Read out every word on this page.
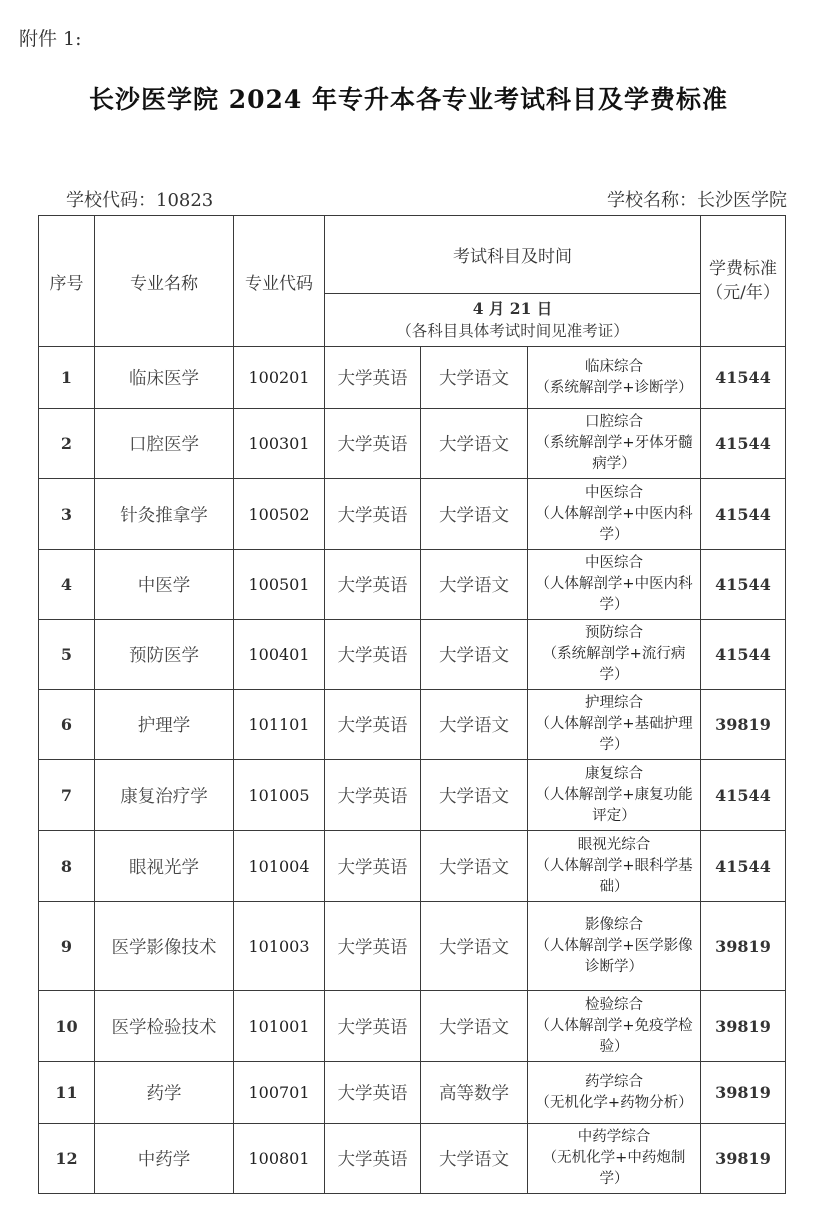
附件 1:
长沙医学院 2024 年专升本各专业考试科目及学费标准
学校代码：10823	学校名称：长沙医学院
序号	专业名称	专业代码	考试科目及时间			学费标准
（元/年）

			4 月 21 日
（各科目具体考试时间见准考证）			

1	临床医学	100201	大学英语	大学语文	临床综合
（系统解剖学+诊断学）	41544
2	口腔医学	100301	大学英语	大学语文	口腔综合
（系统解剖学+牙体牙髓病学）	41544
3	针灸推拿学	100502	大学英语	大学语文	中医综合
（人体解剖学+中医内科学）	41544
4	中医学	100501	大学英语	大学语文	中医综合
（人体解剖学+中医内科学）	41544
5	预防医学	100401	大学英语	大学语文	预防综合
（系统解剖学+流行病学）	41544
6	护理学	101101	大学英语	大学语文	护理综合
（人体解剖学+基础护理学）	39819
7	康复治疗学	101005	大学英语	大学语文	康复综合
（人体解剖学+康复功能评定）	41544
8	眼视光学	101004	大学英语	大学语文	眼视光综合
（人体解剖学+眼科学基础）	41544
9	医学影像技术	101003	大学英语	大学语文	影像综合
（人体解剖学+医学影像诊断学）	39819
10	医学检验技术	101001	大学英语	大学语文	检验综合
（人体解剖学+免疫学检验）	39819
11	药学	100701	大学英语	高等数学	药学综合
（无机化学+药物分析）	39819
12	中药学	100801	大学英语	大学语文	中药学综合
（无机化学+中药炮制学）	39819
